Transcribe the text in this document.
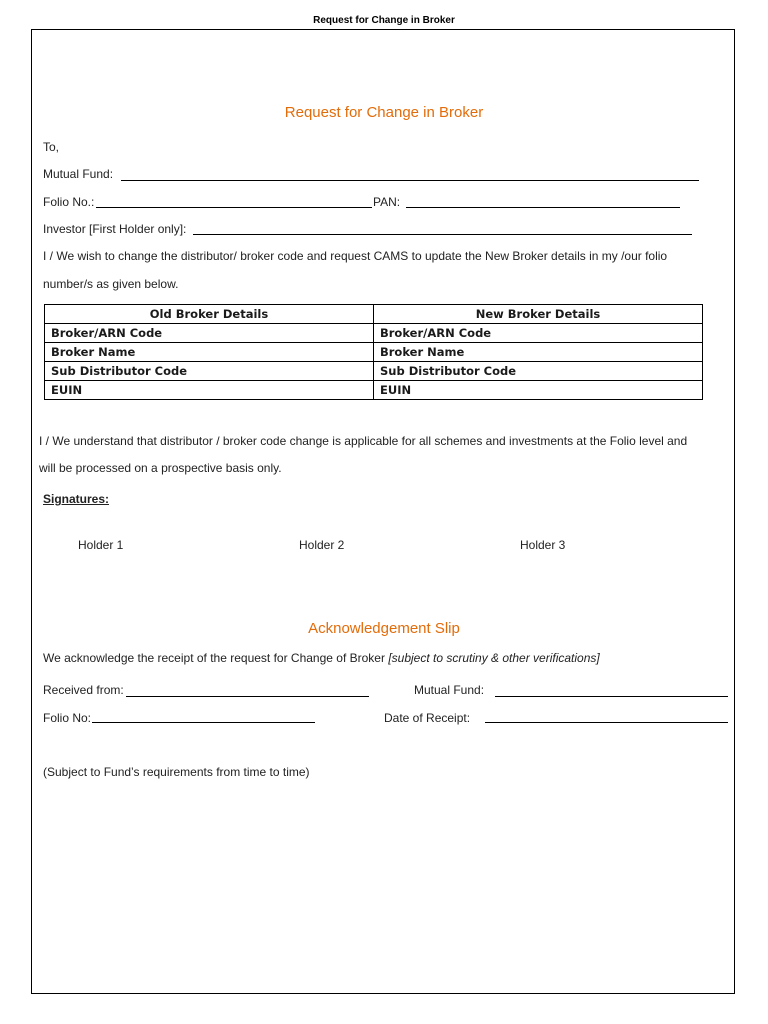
Request for Change in Broker
Request for Change in Broker
To,
Mutual Fund:
Folio No.:	PAN:
Investor [First Holder only]:
I / We wish to change the distributor/ broker code and request CAMS to update the New Broker details in my /our folio
number/s as given below.
Old Broker Details	New Broker Details
Broker/ARN Code	Broker/ARN Code
Broker Name	Broker Name
Sub Distributor Code	Sub Distributor Code
EUIN	EUIN
I / We understand that distributor / broker code change is applicable for all schemes and investments at the Folio level and
will be processed on a prospective basis only.
Signatures:
Holder 1	Holder 2	Holder 3
Acknowledgement Slip
We acknowledge the receipt of the request for Change of Broker [subject to scrutiny & other verifications]
Received from:	Mutual Fund:
Folio No:	Date of Receipt:
(Subject to Fund’s requirements from time to time)
